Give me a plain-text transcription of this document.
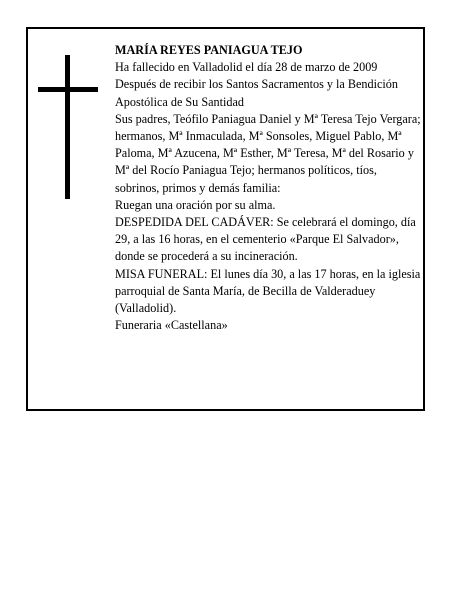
MARÍA REYES PANIAGUA TEJO

Ha fallecido en Valladolid el día 28 de marzo de 2009

Después de recibir los Santos Sacramentos y la Bendición Apostólica de Su Santidad

Sus padres, Teófilo Paniagua Daniel y Mª Teresa Tejo Vergara; hermanos, Mª Inmaculada, Mª Sonsoles, Miguel Pablo, Mª Paloma, Mª Azucena, Mª Esther, Mª Teresa, Mª del Rosario y Mª del Rocío Paniagua Tejo; hermanos políticos, tíos, sobrinos, primos y demás familia:

Ruegan una oración por su alma.

DESPEDIDA DEL CADÁVER: Se celebrará el domingo, día 29, a las 16 horas, en el cementerio «Parque El Salvador», donde se procederá a su incineración.

MISA FUNERAL: El lunes día 30, a las 17 horas, en la iglesia parroquial de Santa María, de Becilla de Valderaduey (Valladolid).

Funeraria «Castellana»
